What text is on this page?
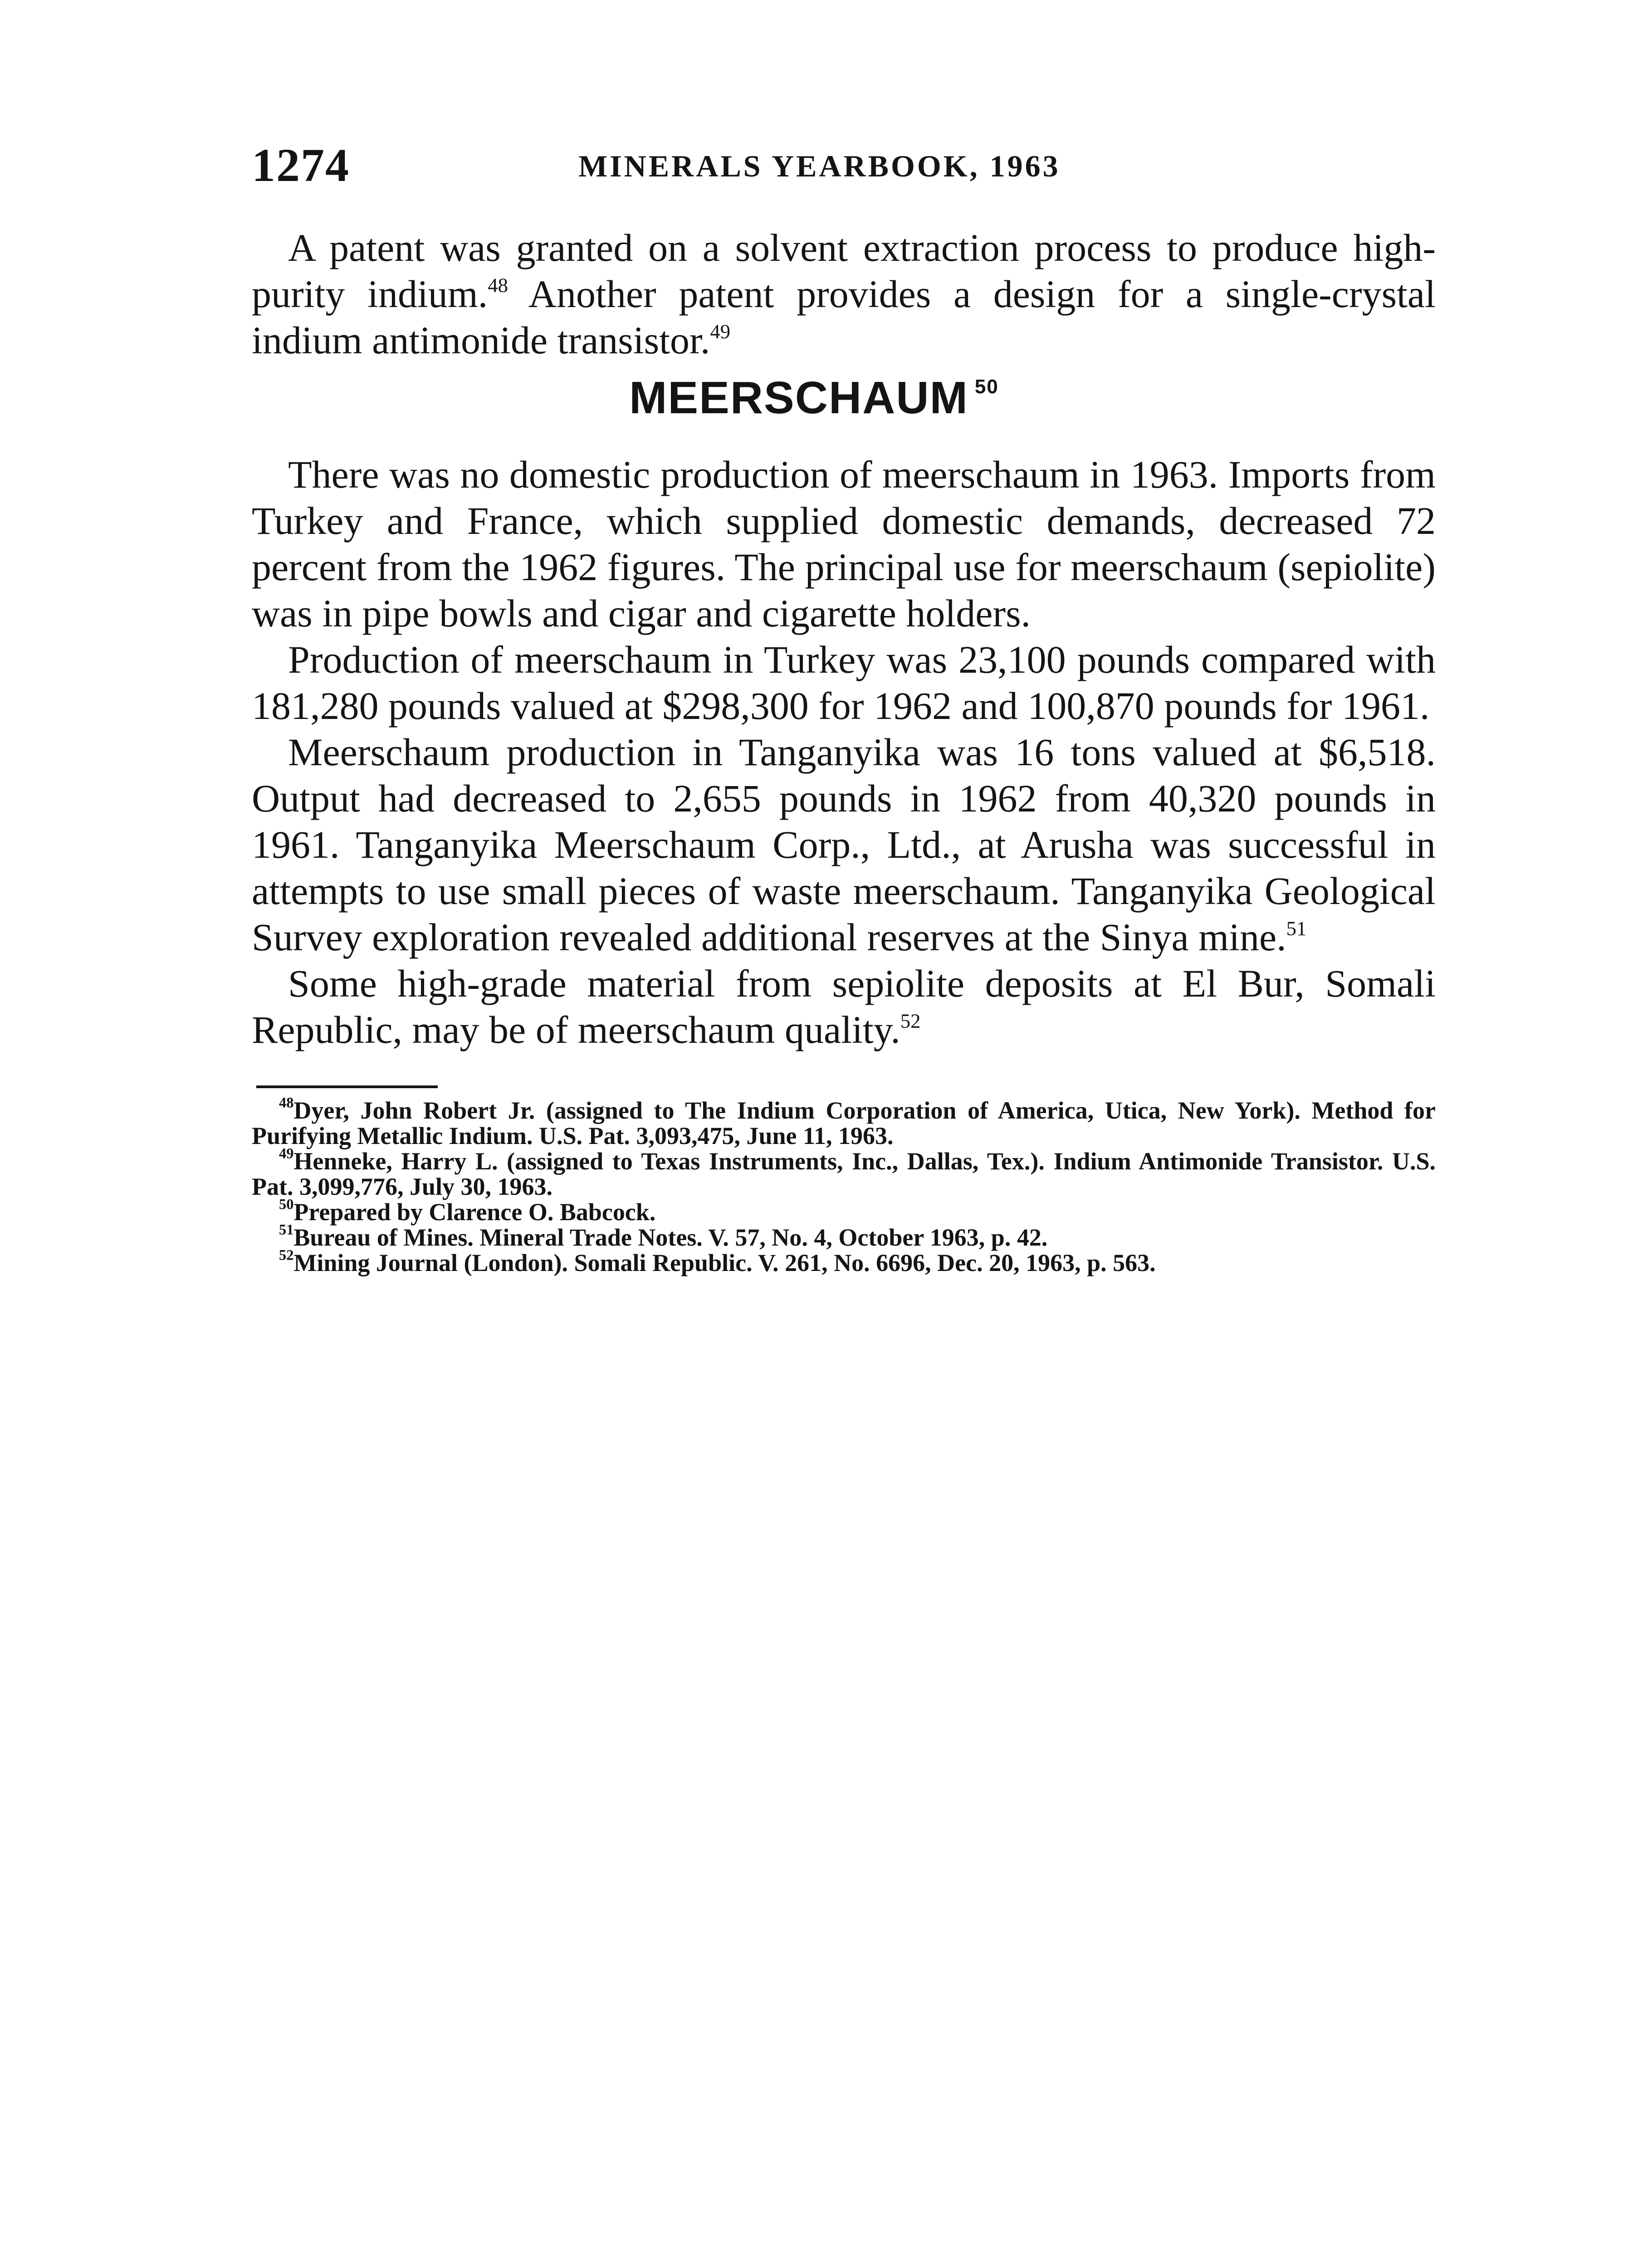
1274	MINERALS YEARBOOK, 1963

A patent was granted on a solvent extraction process to produce high-purity indium.$^{48}$ Another patent provides a design for a single-crystal indium antimonide transistor.$^{49}$

MEERSCHAUM $^{50}$

There was no domestic production of meerschaum in 1963. Imports from Turkey and France, which supplied domestic demands, decreased 72 percent from the 1962 figures. The principal use for meerschaum (sepiolite) was in pipe bowls and cigar and cigarette holders.

Production of meerschaum in Turkey was 23,100 pounds compared with 181,280 pounds valued at $298,300 for 1962 and 100,870 pounds for 1961.

Meerschaum production in Tanganyika was 16 tons valued at $6,518. Output had decreased to 2,655 pounds in 1962 from 40,320 pounds in 1961. Tanganyika Meerschaum Corp., Ltd., at Arusha was successful in attempts to use small pieces of waste meerschaum. Tanganyika Geological Survey exploration revealed additional reserves at the Sinya mine.$^{51}$

Some high-grade material from sepiolite deposits at El Bur, Somali Republic, may be of meerschaum quality.$^{52}$

$^{48}$Dyer, John Robert Jr. (assigned to The Indium Corporation of America, Utica, New York). Method for Purifying Metallic Indium. U.S. Pat. 3,093,475, June 11, 1963.

$^{49}$Henneke, Harry L. (assigned to Texas Instruments, Inc., Dallas, Tex.). Indium Antimonide Transistor. U.S. Pat. 3,099,776, July 30, 1963.

$^{50}$Prepared by Clarence O. Babcock.

$^{51}$Bureau of Mines. Mineral Trade Notes. V. 57, No. 4, October 1963, p. 42.

$^{52}$Mining Journal (London). Somali Republic. V. 261, No. 6696, Dec. 20, 1963, p. 563.
